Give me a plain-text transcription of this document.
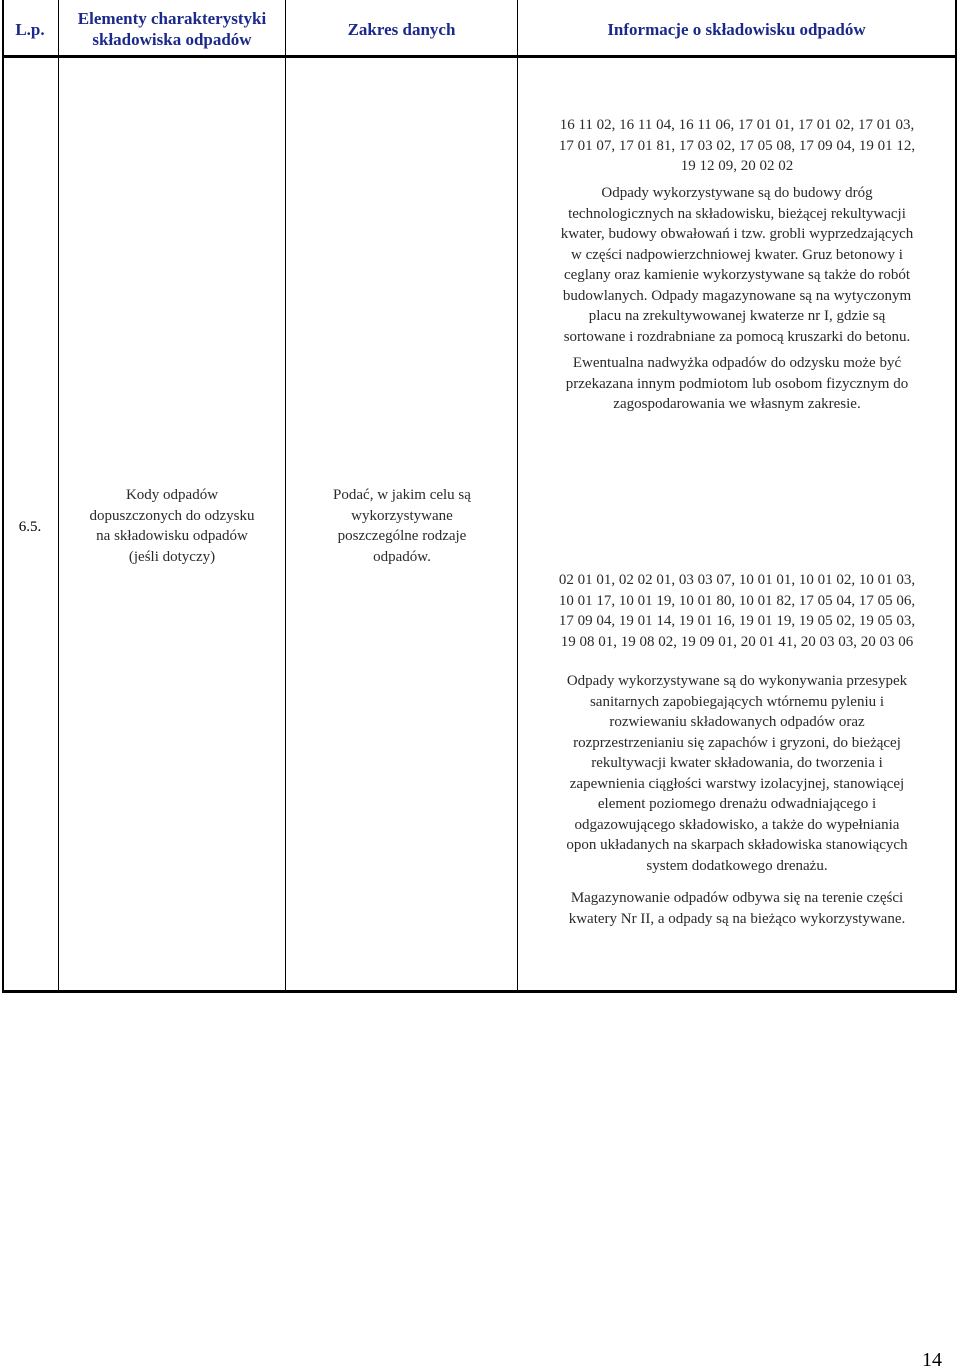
L.p.
Elementy charakterystyki
składowiska odpadów
Zakres danych	Informacje o składowisku odpadów

16 11 02, 16 11 04, 16 11 06, 17 01 01, 17 01 02, 17 01 03,

17 01 07, 17 01 81, 17 03 02, 17 05 08, 17 09 04, 19 01 12,

19 12 09, 20 02 02

Odpady wykorzystywane są do budowy dróg

technologicznych na składowisku, bieżącej rekultywacji

kwater, budowy obwałowań i tzw. grobli wyprzedzających

w części nadpowierzchniowej kwater. Gruz betonowy i

ceglany oraz kamienie wykorzystywane są także do robót

budowlanych. Odpady magazynowane są na wytyczonym

placu na zrekultywowanej kwaterze nr I, gdzie są

sortowane i rozdrabniane za pomocą kruszarki do betonu.

Ewentualna nadwyżka odpadów do odzysku może być

przekazana innym podmiotom lub osobom fizycznym do

zagospodarowania we własnym zakresie.

6.5.

Kody odpadów

dopuszczonych do odzysku

na składowisku odpadów

(jeśli dotyczy)

Podać, w jakim celu są

wykorzystywane

poszczególne rodzaje

odpadów.

02 01 01, 02 02 01, 03 03 07, 10 01 01, 10 01 02, 10 01 03,

10 01 17, 10 01 19, 10 01 80, 10 01 82, 17 05 04, 17 05 06,

17 09 04, 19 01 14, 19 01 16, 19 01 19, 19 05 02, 19 05 03,

19 08 01, 19 08 02, 19 09 01, 20 01 41, 20 03 03, 20 03 06

Odpady wykorzystywane są do wykonywania przesypek

sanitarnych zapobiegających wtórnemu pyleniu i

rozwiewaniu składowanych odpadów oraz

rozprzestrzenianiu się zapachów i gryzoni, do bieżącej

rekultywacji kwater składowania, do tworzenia i

zapewnienia ciągłości warstwy izolacyjnej, stanowiącej

element poziomego drenażu odwadniającego i

odgazowującego składowisko, a także do wypełniania

opon układanych na skarpach składowiska stanowiących

system dodatkowego drenażu.

Magazynowanie odpadów odbywa się na terenie części

kwatery Nr II, a odpady są na bieżąco wykorzystywane.

14
